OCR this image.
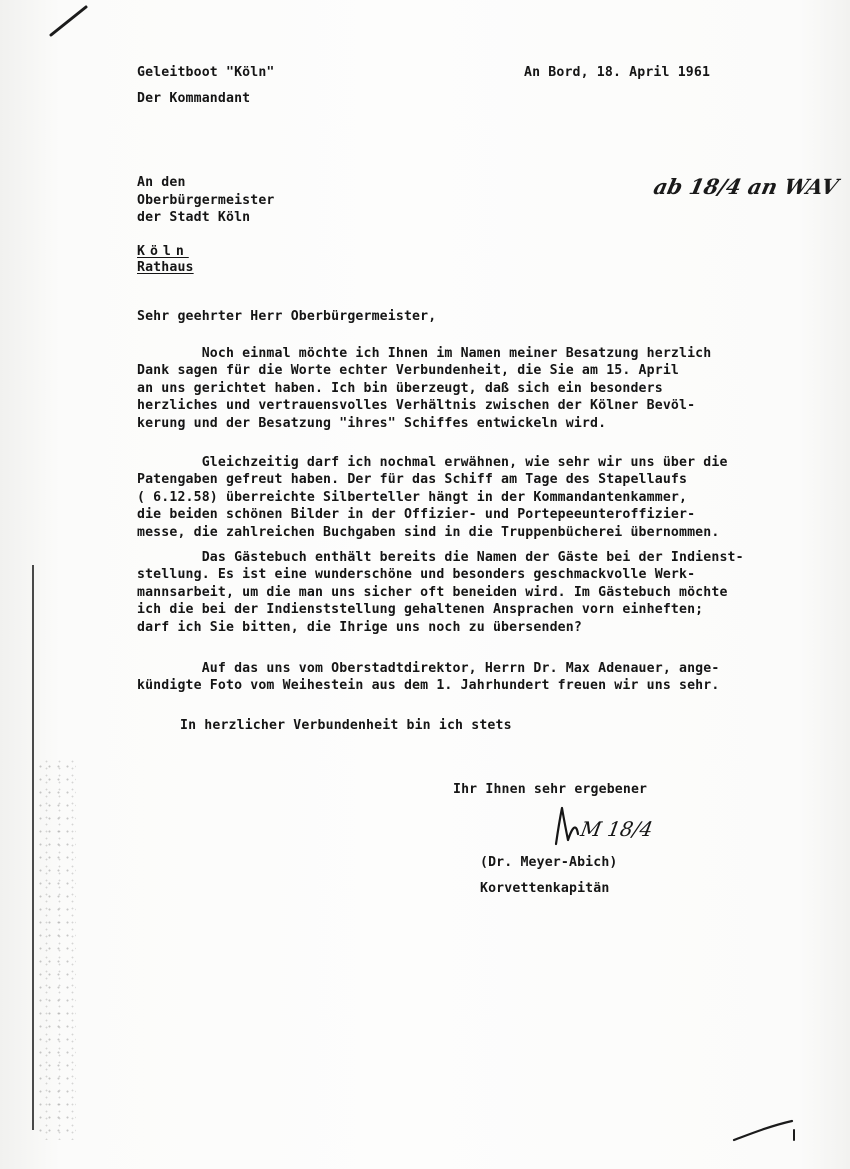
Geleitboot "Köln"
Der Kommandant
An Bord, 18. April 1961
ab 18/4 an WAV
An den
Oberbürgermeister
der Stadt Köln
Köln
Rathaus
Sehr geehrter Herr Oberbürgermeister,
Noch einmal möchte ich Ihnen im Namen meiner Besatzung herzlich
Dank sagen für die Worte echter Verbundenheit, die Sie am 15. April
an uns gerichtet haben. Ich bin überzeugt, daß sich ein besonders
herzliches und vertrauensvolles Verhältnis zwischen der Kölner Bevöl-
kerung und der Besatzung "ihres" Schiffes entwickeln wird.
Gleichzeitig darf ich nochmal erwähnen, wie sehr wir uns über die
Patengaben gefreut haben. Der für das Schiff am Tage des Stapellaufs
( 6.12.58) überreichte Silberteller hängt in der Kommandantenkammer,
die beiden schönen Bilder in der Offizier- und Portepeeunteroffizier-
messe, die zahlreichen Buchgaben sind in die Truppenbücherei übernommen.
Das Gästebuch enthält bereits die Namen der Gäste bei der Indienst-
stellung. Es ist eine wunderschöne und besonders geschmackvolle Werk-
mannsarbeit, um die man uns sicher oft beneiden wird. Im Gästebuch möchte
ich die bei der Indienststellung gehaltenen Ansprachen vorn einheften;
darf ich Sie bitten, die Ihrige uns noch zu übersenden?
Auf das uns vom Oberstadtdirektor, Herrn Dr. Max Adenauer, ange-
kündigte Foto vom Weihestein aus dem 1. Jahrhundert freuen wir uns sehr.
In herzlicher Verbundenheit bin ich stets
Ihr Ihnen sehr ergebener
M 18/4
(Dr. Meyer-Abich)
Korvettenkapitän
